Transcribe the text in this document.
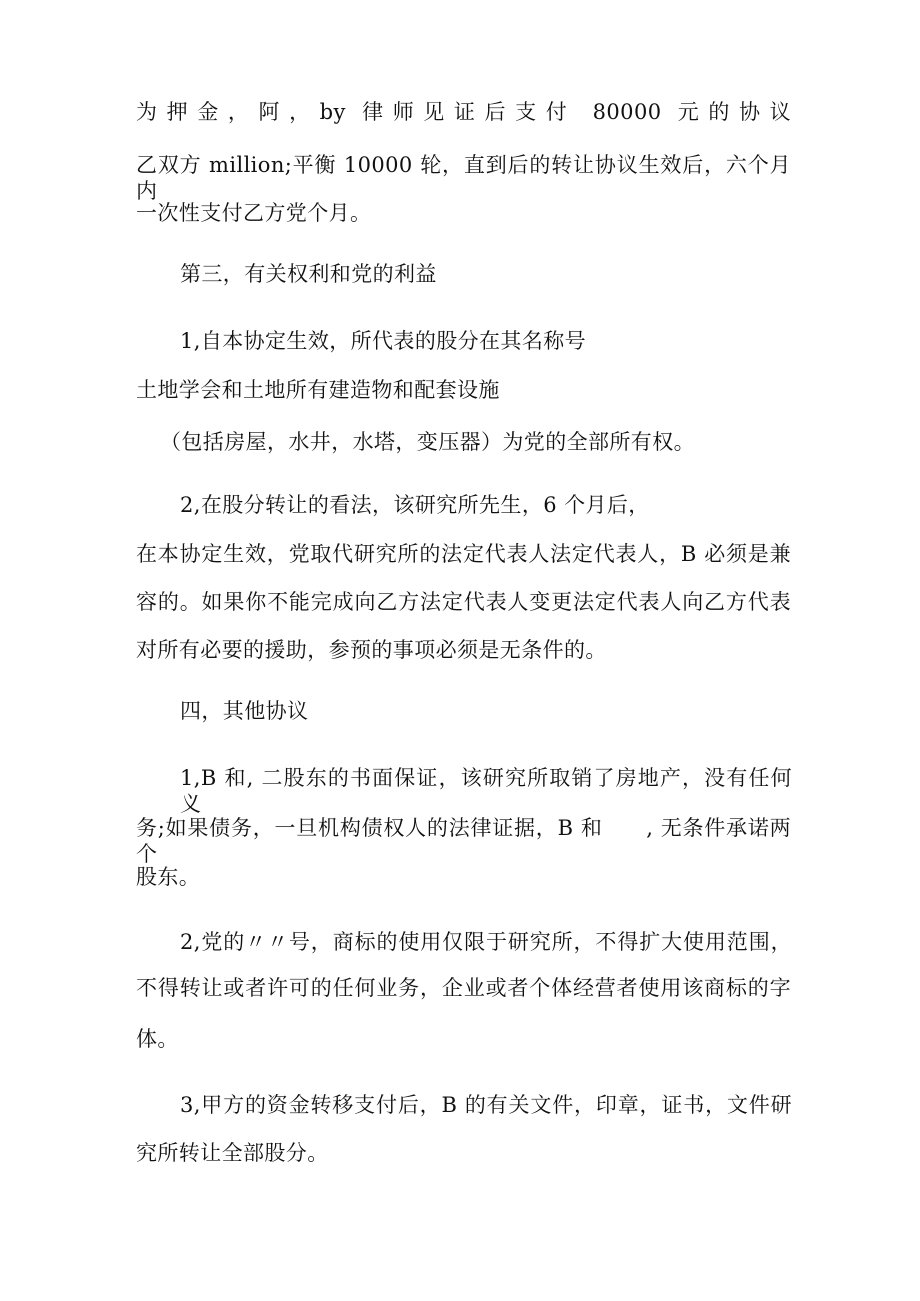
为押金，阿，by 律师见证后支付 80000 元的协议
乙双方 million;平衡 10000 轮，直到后的转让协议生效后，六个月内
一次性支付乙方党个月。
第三，有关权利和党的利益
1,自本协定生效，所代表的股分在其名称号
土地学会和土地所有建造物和配套设施
（包括房屋，水井，水塔，变压器）为党的全部所有权。
2,在股分转让的看法，该研究所先生，6 个月后，
在本协定生效，党取代研究所的法定代表人法定代表人，B 必须是兼
容的。如果你不能完成向乙方法定代表人变更法定代表人向乙方代表
对所有必要的援助，参预的事项必须是无条件的。
四，其他协议
1,B 和, 二股东的书面保证，该研究所取销了房地产，没有任何义
务;如果债务，一旦机构债权人的法律证据，B 和　　, 无条件承诺两个
股东。
2,党的〃〃号，商标的使用仅限于研究所，不得扩大使用范围，
不得转让或者许可的任何业务，企业或者个体经营者使用该商标的字
体。
3,甲方的资金转移支付后，B 的有关文件，印章，证书，文件研
究所转让全部股分。
